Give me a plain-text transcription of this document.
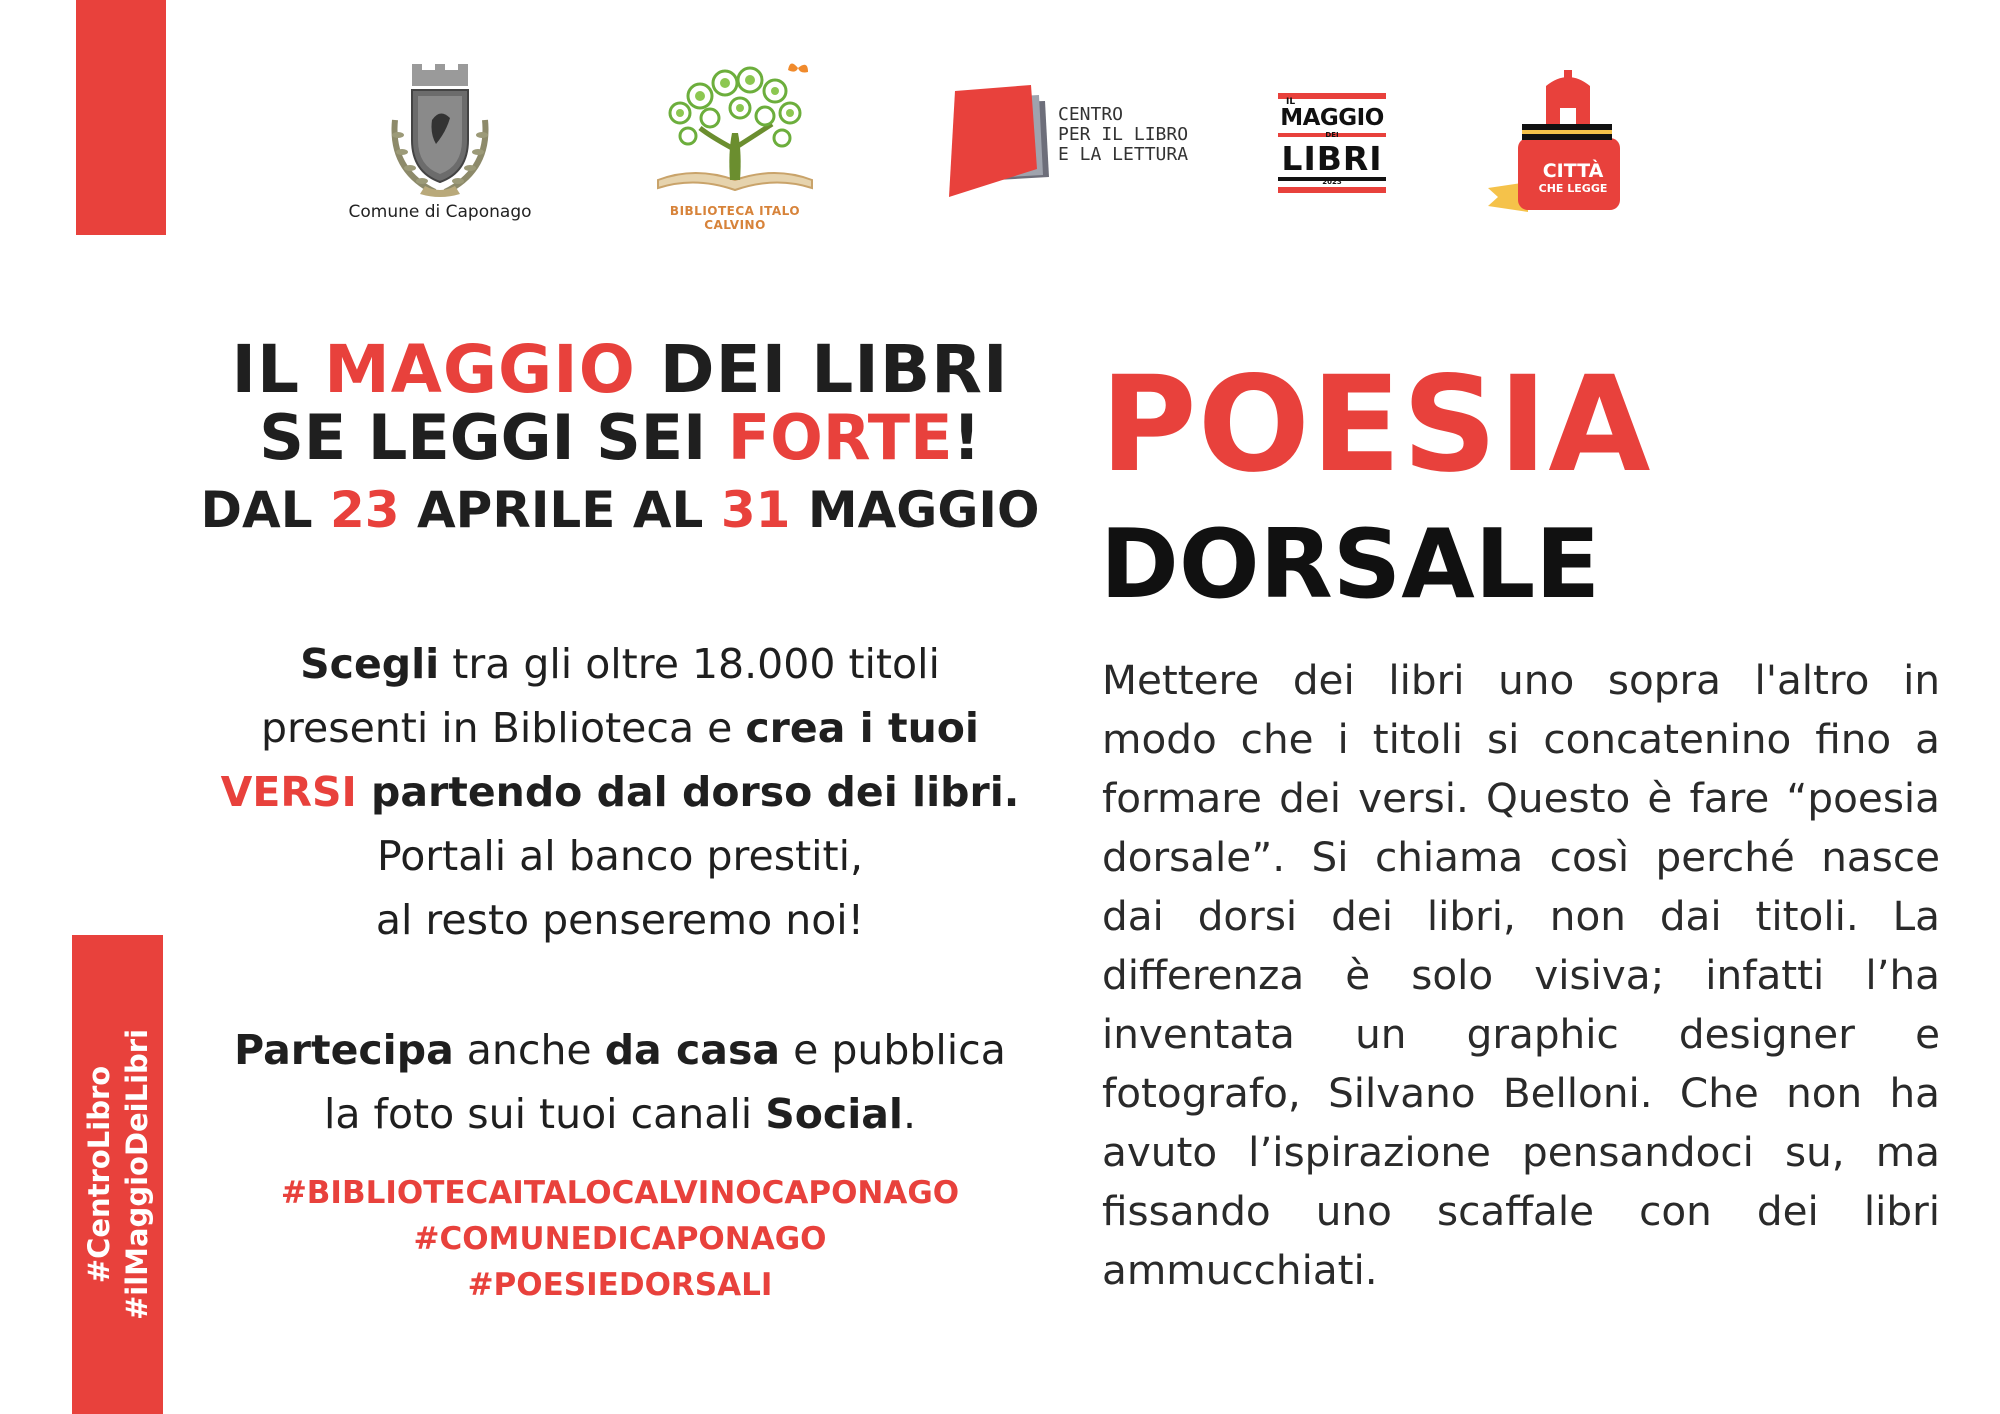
#CentroLibro #ilMaggioDeiLibri
Comune di Caponago	BIBLIOTECA ITALO CALVINO
CENTRO
PER IL LIBRO
E LA LETTURA
IL
MAGGIO
DEI
LIBRI
2023	CITTÀ
CHE LEGGE
IL MAGGIO DEI LIBRI
SE LEGGI SEI FORTE!
DAL 23 APRILE AL 31 MAGGIO
Scegli tra gli oltre 18.000 titoli
presenti in Biblioteca e crea i tuoi
VERSI partendo dal dorso dei libri.
Portali al banco prestiti,
al resto penseremo noi!
Partecipa anche da casa e pubblica
la foto sui tuoi canali Social.
#BIBLIOTECAITALOCALVINOCAPONAGO
#COMUNEDICAPONAGO
#POESIEDORSALI
POESIA
DORSALE
Mettere dei libri uno sopra l'altro in modo che i titoli si concatenino fino a formare dei versi. Questo è fare “poesia dorsale”. Si chiama così perché nasce dai dorsi dei libri, non dai titoli. La differenza è solo visiva; infatti l’ha inventata un graphic designer e fotografo, Silvano Belloni. Che non ha avuto l’ispirazione pensandoci su, ma fissando uno scaffale con dei libri ammucchiati.
